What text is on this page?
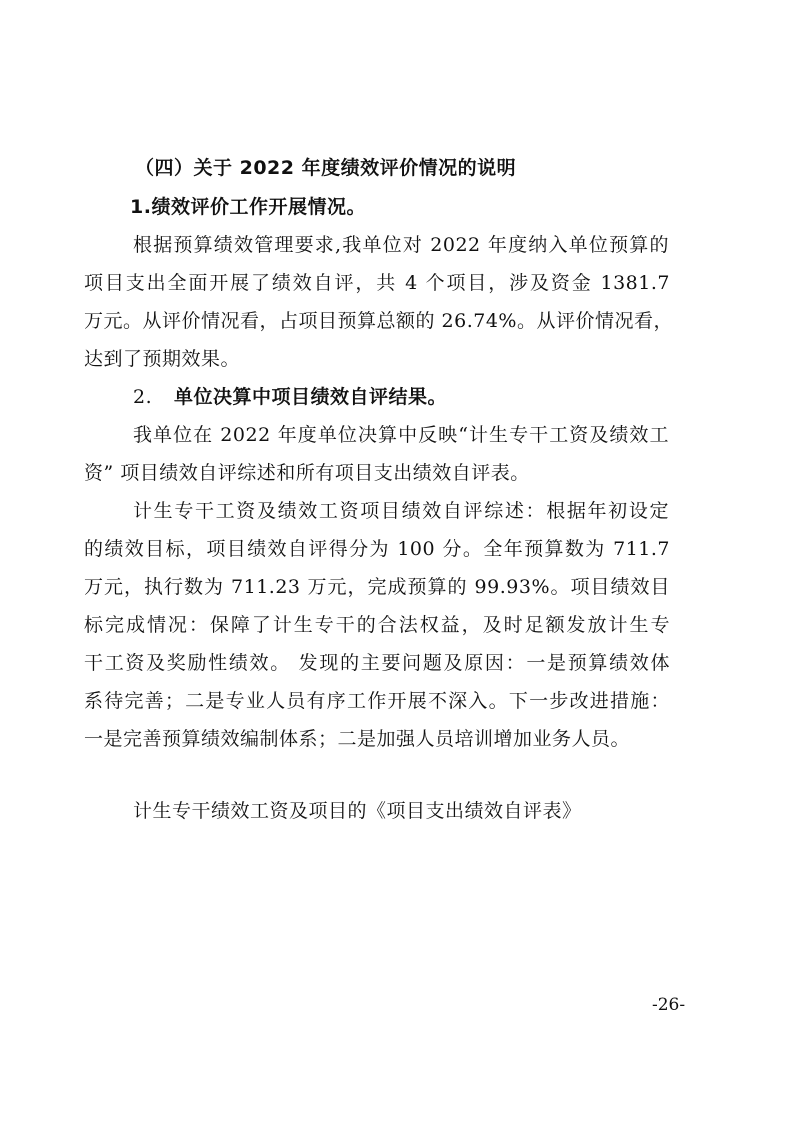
（四）关于 2022 年度绩效评价情况的说明
1.绩效评价工作开展情况。
根据预算绩效管理要求,我单位对 2022 年度纳入单位预算的
项目支出全面开展了绩效自评，共 4 个项目，涉及资金 1381.7
万元。从评价情况看，占项目预算总额的 26.74%。从评价情况看，
达到了预期效果。
2. 单位决算中项目绩效自评结果。
我单位在 2022 年度单位决算中反映“计生专干工资及绩效工
资” 项目绩效自评综述和所有项目支出绩效自评表。
计生专干工资及绩效工资项目绩效自评综述：根据年初设定
的绩效目标，项目绩效自评得分为 100 分。全年预算数为 711.7
万元，执行数为 711.23 万元，完成预算的 99.93%。项目绩效目
标完成情况：保障了计生专干的合法权益，及时足额发放计生专
干工资及奖励性绩效。 发现的主要问题及原因：一是预算绩效体
系待完善；二是专业人员有序工作开展不深入。下一步改进措施：
一是完善预算绩效编制体系；二是加强人员培训增加业务人员。
计生专干绩效工资及项目的《项目支出绩效自评表》
-26-
